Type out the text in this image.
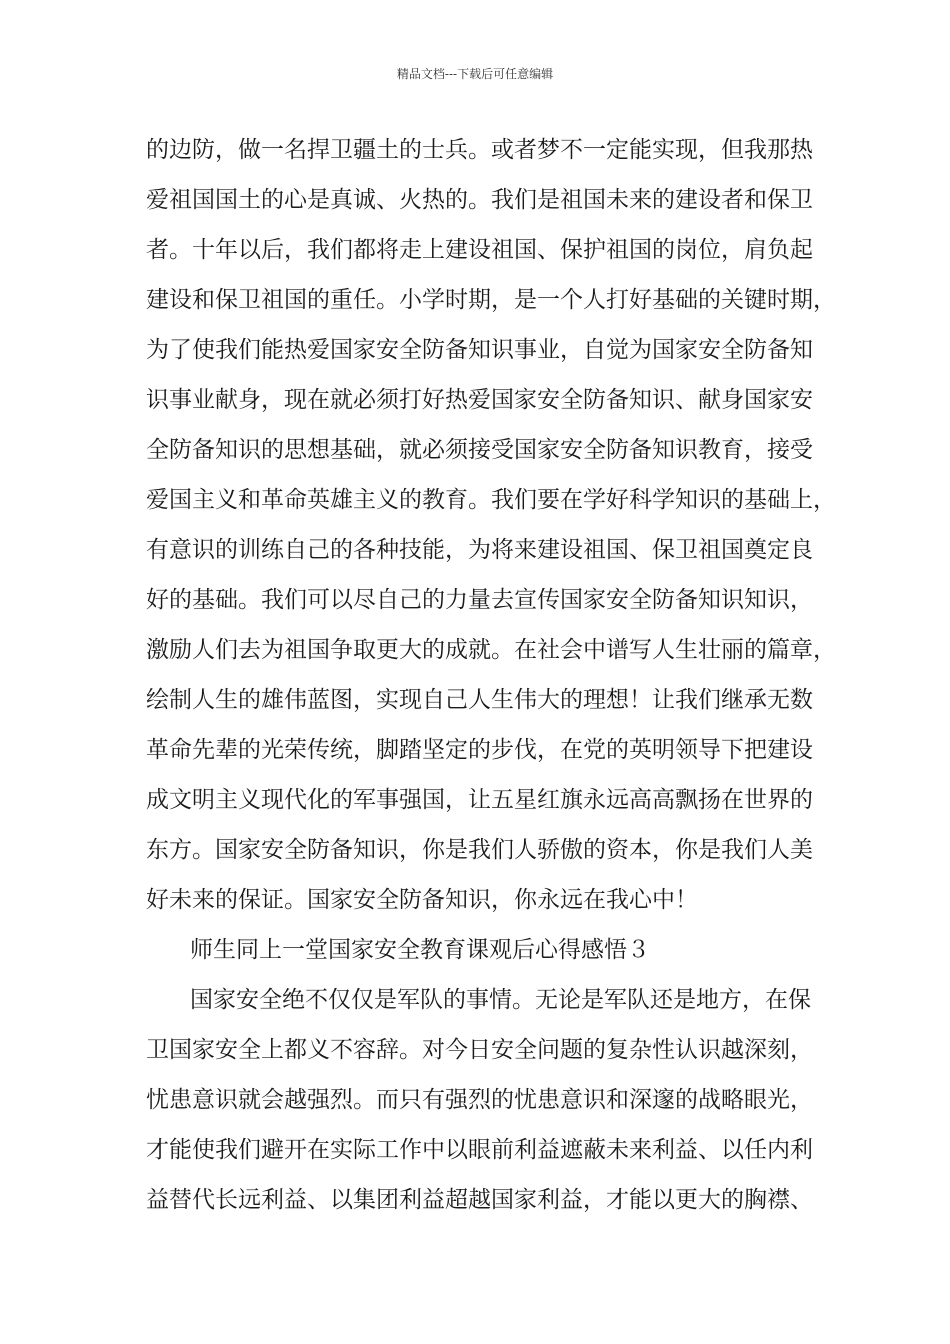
精品文档---下载后可任意编辑
的边防，做一名捍卫疆土的士兵。或者梦不一定能实现，但我那热
爱祖国国土的心是真诚、火热的。我们是祖国未来的建设者和保卫
者。十年以后，我们都将走上建设祖国、保护祖国的岗位，肩负起
建设和保卫祖国的重任。小学时期，是一个人打好基础的关键时期，
为了使我们能热爱国家安全防备知识事业，自觉为国家安全防备知
识事业献身，现在就必须打好热爱国家安全防备知识、献身国家安
全防备知识的思想基础，就必须接受国家安全防备知识教育，接受
爱国主义和革命英雄主义的教育。我们要在学好科学知识的基础上，
有意识的训练自己的各种技能，为将来建设祖国、保卫祖国奠定良
好的基础。我们可以尽自己的力量去宣传国家安全防备知识知识，
激励人们去为祖国争取更大的成就。在社会中谱写人生壮丽的篇章，
绘制人生的雄伟蓝图，实现自己人生伟大的理想！让我们继承无数
革命先辈的光荣传统，脚踏坚定的步伐，在党的英明领导下把建设
成文明主义现代化的军事强国，让五星红旗永远高高飘扬在世界的
东方。国家安全防备知识，你是我们人骄傲的资本，你是我们人美
好未来的保证。国家安全防备知识，你永远在我心中！
师生同上一堂国家安全教育课观后心得感悟３
国家安全绝不仅仅是军队的事情。无论是军队还是地方，在保
卫国家安全上都义不容辞。对今日安全问题的复杂性认识越深刻，
忧患意识就会越强烈。而只有强烈的忧患意识和深邃的战略眼光，
才能使我们避开在实际工作中以眼前利益遮蔽未来利益、以任内利
益替代长远利益、以集团利益超越国家利益，才能以更大的胸襟、
